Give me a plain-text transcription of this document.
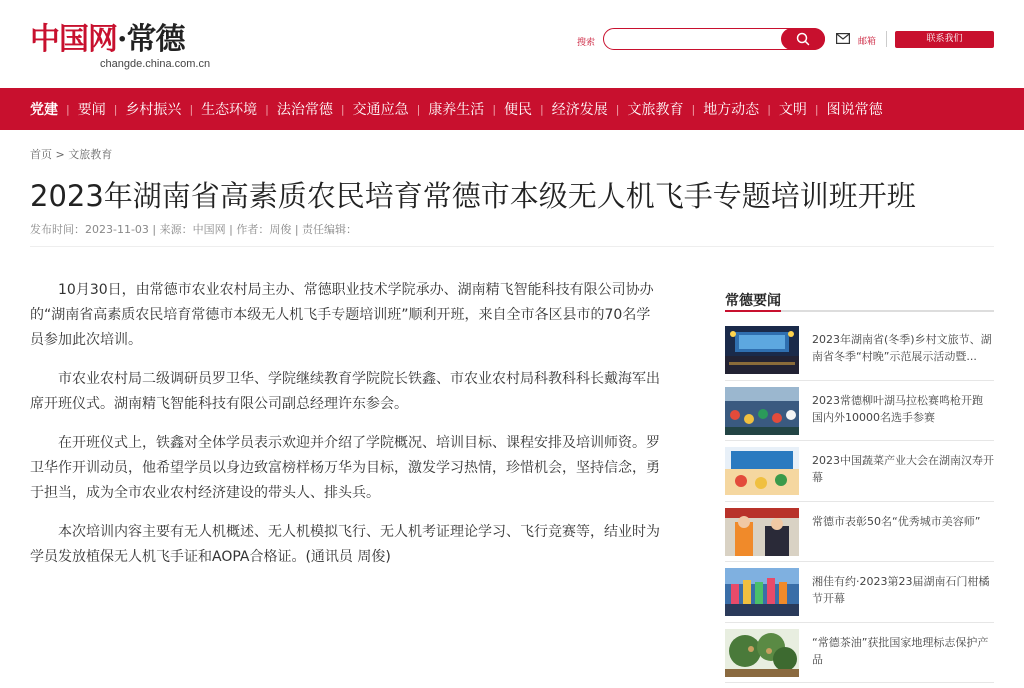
中国网·常德
changde.china.com.cn
搜索	邮箱	联系我们
党建 | 要闻 | 乡村振兴 | 生态环境 | 法治常德 | 交通应急 | 康养生活 | 便民 | 经济发展 | 文旅教育 | 地方动态 | 文明 | 图说常德
首页 > 文旅教育
2023年湖南省高素质农民培育常德市本级无人机飞手专题培训班开班
发布时间：2023-11-03 | 来源：中国网 | 作者：周俊 | 责任编辑：

10月30日，由常德市农业农村局主办、常德职业技术学院承办、湖南精飞智能科技有限公司协办的“湖南省高素质农民培育常德市本级无人机飞手专题培训班”顺利开班，来自全市各区县市的70名学员参加此次培训。

市农业农村局二级调研员罗卫华、学院继续教育学院院长铁鑫、市农业农村局科教科科长戴海军出席开班仪式。湖南精飞智能科技有限公司副总经理许东参会。

在开班仪式上，铁鑫对全体学员表示欢迎并介绍了学院概况、培训目标、课程安排及培训师资。罗卫华作开训动员，他希望学员以身边致富榜样杨万华为目标，激发学习热情，珍惜机会，坚持信念，勇于担当，成为全市农业农村经济建设的带头人、排头兵。

本次培训内容主要有无人机概述、无人机模拟飞行、无人机考证理论学习、飞行竞赛等，结业时为学员发放植保无人机飞手证和AOPA合格证。(通讯员 周俊)

常德要闻
2023年湖南省(冬季)乡村文旅节、湖南省冬季“村晚”示范展示活动暨...
2023常德柳叶湖马拉松赛鸣枪开跑 国内外10000名选手参赛
2023中国蔬菜产业大会在湖南汉寿开幕
常德市表彰50名“优秀城市美容师”
湘佳有约·2023第23届湖南石门柑橘节开幕
“常德茶油”获批国家地理标志保护产品
